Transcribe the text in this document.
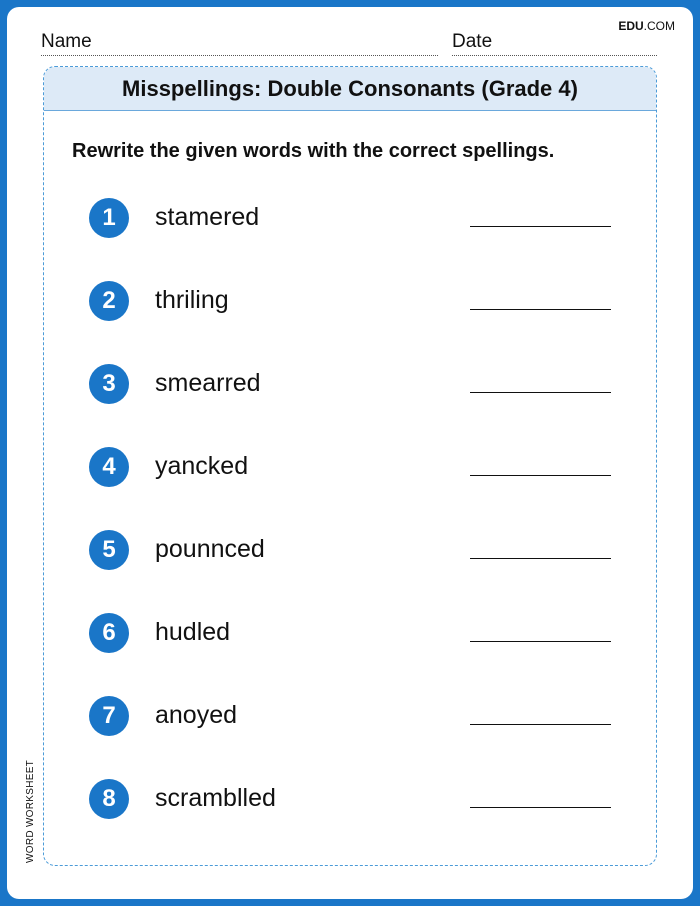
EDU.COM
Name	Date
Misspellings: Double Consonants (Grade 4)
Rewrite the given words with the correct spellings.
1	stamered
2	thriling
3	smearred
4	yancked
5	pounnced
6	hudled
7	anoyed
8	scramblled
WORD WORKSHEET
